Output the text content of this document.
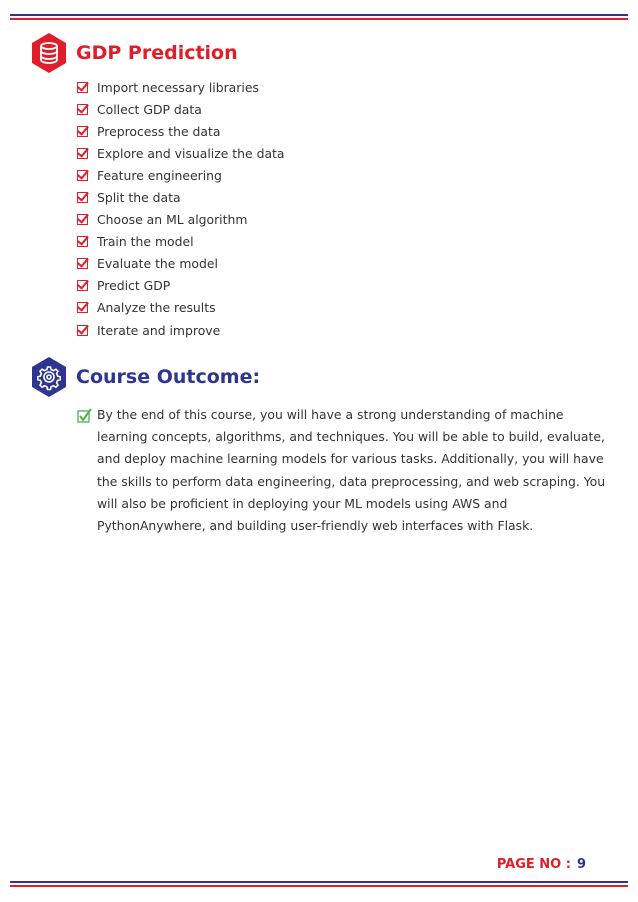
GDP Prediction
Import necessary libraries
Collect GDP data
Preprocess the data
Explore and visualize the data
Feature engineering
Split the data
Choose an ML algorithm
Train the model
Evaluate the model
Predict GDP
Analyze the results
Iterate and improve
Course Outcome:
By the end of this course, you will have a strong understanding of machine learning concepts, algorithms, and techniques. You will be able to build, evaluate, and deploy machine learning models for various tasks. Additionally, you will have the skills to perform data engineering, data preprocessing, and web scraping. You will also be proficient in deploying your ML models using AWS and PythonAnywhere, and building user-friendly web interfaces with Flask.
PAGE NO : 9
